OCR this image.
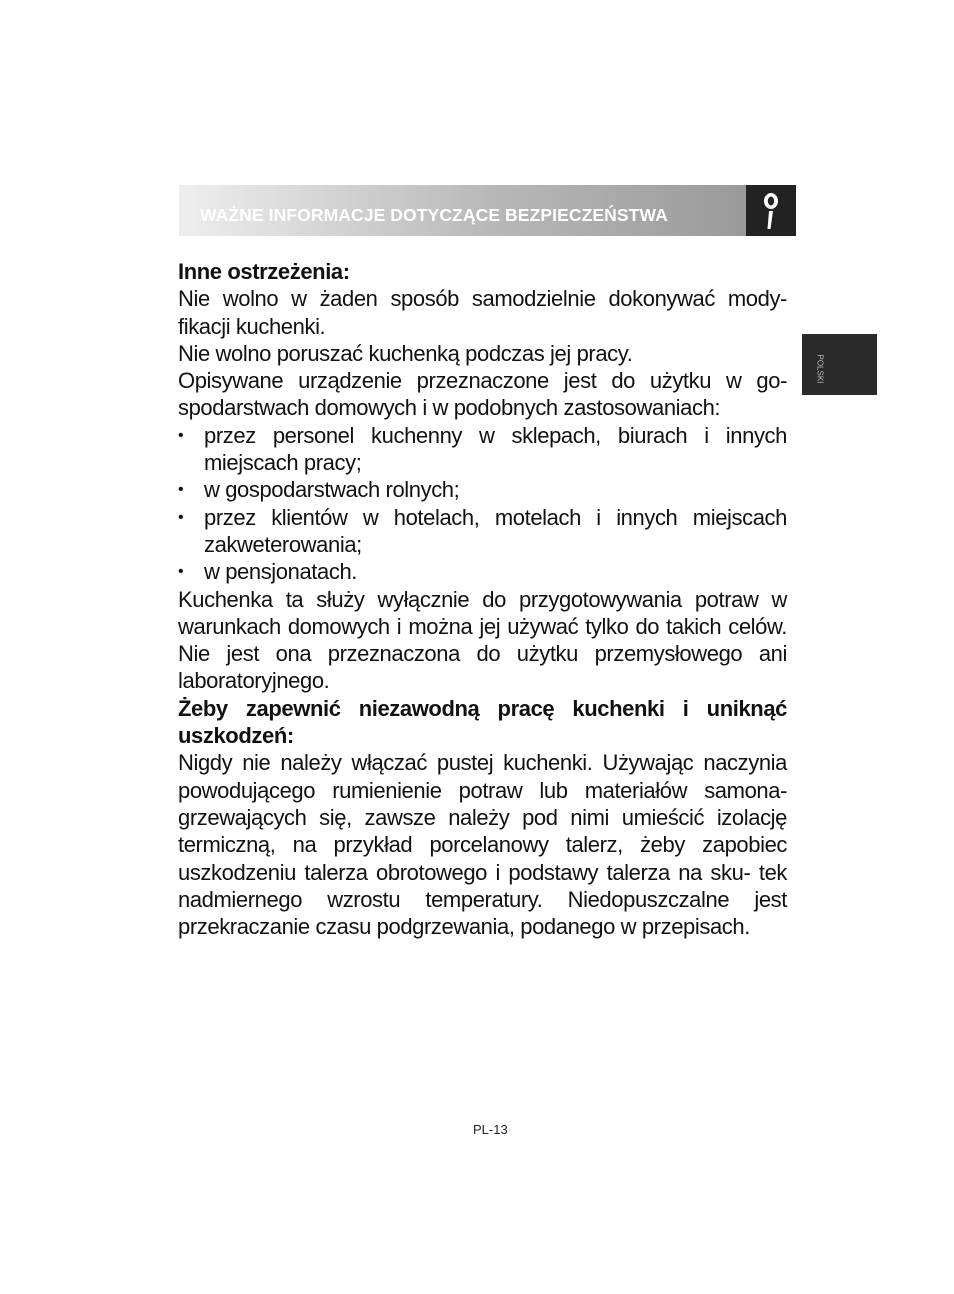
WAŻNE INFORMACJE DOTYCZĄCE BEZPIECZEŃSTWA
POLSKI

Inne ostrzeżenia:

Nie wolno w żaden sposób samodzielnie dokonywać mody- fikacji kuchenki.

Nie wolno poruszać kuchenką podczas jej pracy.

Opisywane urządzenie przeznaczone jest do użytku w go- spodarstwach domowych i w podobnych zastosowaniach:

• przez personel kuchenny w sklepach, biurach i innych miejscach pracy;
• w gospodarstwach rolnych;
• przez klientów w hotelach, motelach i innych miejscach zakweterowania;
• w pensjonatach.

Kuchenka ta służy wyłącznie do przygotowywania potraw w warunkach domowych i można jej używać tylko do takich celów. Nie jest ona przeznaczona do użytku przemysłowego ani laboratoryjnego.

Żeby zapewnić niezawodną pracę kuchenki i uniknąć uszkodzeń:

Nigdy nie należy włączać pustej kuchenki. Używając naczynia powodującego rumienienie potraw lub materiałów samona- grzewających się, zawsze należy pod nimi umieścić izolację termiczną, na przykład porcelanowy talerz, żeby zapobiec uszkodzeniu talerza obrotowego i podstawy talerza na sku- tek nadmiernego wzrostu temperatury. Niedopuszczalne jest przekraczanie czasu podgrzewania, podanego w przepisach.

PL-13
